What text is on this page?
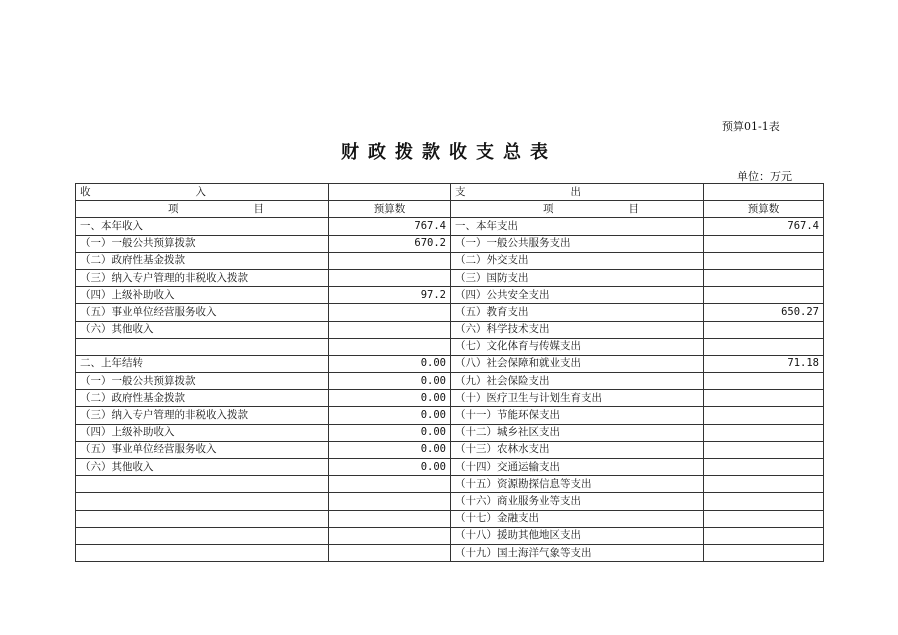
预算01-1表
财政拨款收支总表
单位：万元
收 入		支 出	

项 目	预算数	项 目	预算数
一、本年收入	767.4	一、本年支出	767.4
（一）一般公共预算拨款	670.2	（一）一般公共服务支出	
（二）政府性基金拨款		（二）外交支出	
（三）纳入专户管理的非税收入拨款		（三）国防支出	
（四）上级补助收入	97.2	（四）公共安全支出	
（五）事业单位经营服务收入		（五）教育支出	650.27
（六）其他收入		（六）科学技术支出	
		（七）文化体育与传媒支出	
二、上年结转	0.00	（八）社会保障和就业支出	71.18
（一）一般公共预算拨款	0.00	（九）社会保险支出	
（二）政府性基金拨款	0.00	（十）医疗卫生与计划生育支出	
（三）纳入专户管理的非税收入拨款	0.00	（十一）节能环保支出	
（四）上级补助收入	0.00	（十二）城乡社区支出	
（五）事业单位经营服务收入	0.00	（十三）农林水支出	
（六）其他收入	0.00	（十四）交通运输支出	
		（十五）资源勘探信息等支出	
		（十六）商业服务业等支出	
		（十七）金融支出	
		（十八）援助其他地区支出	
		（十九）国土海洋气象等支出	
